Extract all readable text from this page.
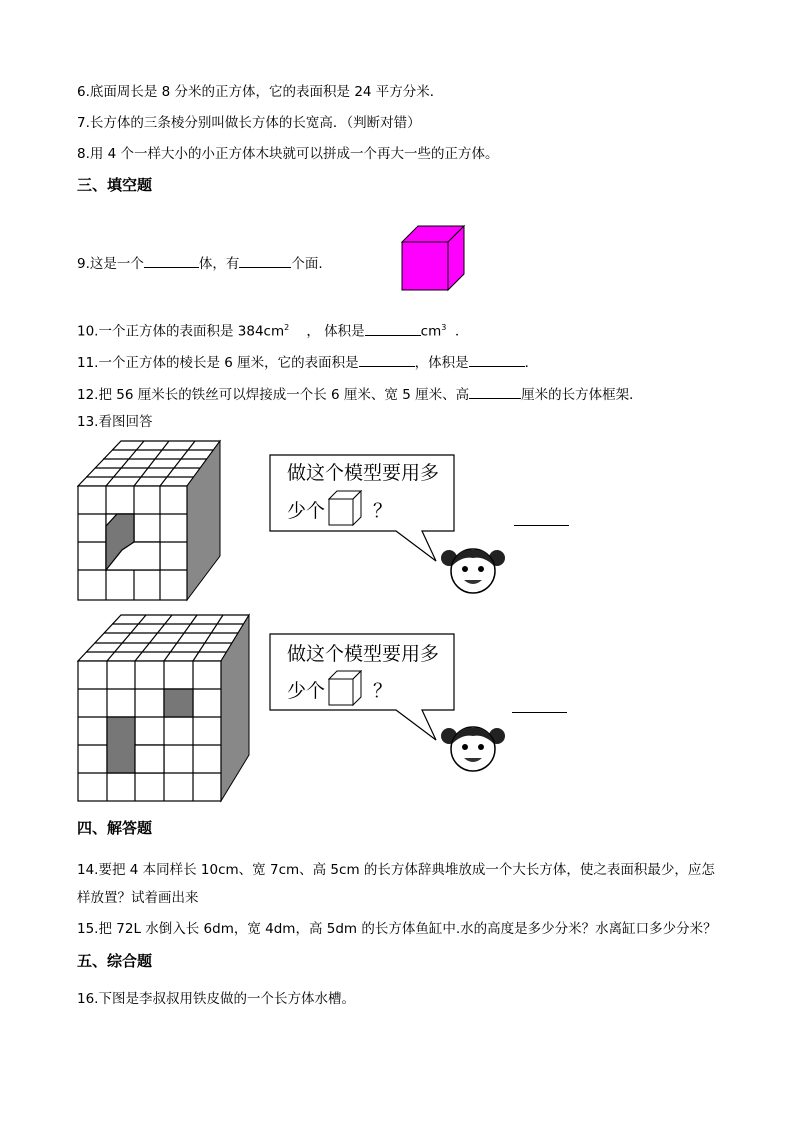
6.底面周长是 8 分米的正方体，它的表面积是 24 平方分米．
7.长方体的三条棱分别叫做长方体的长宽高．（判断对错）
8.用 4 个一样大小的小正方体木块就可以拼成一个再大一些的正方体。
三、填空题
9.这是一个	体，有	个面.
10.一个正方体的表面积是 $384cm^2$ ， 体积是	$cm^3$ ．
11.一个正方体的棱长是 6 厘米，它的表面积是	，体积是	．
12.把 56 厘米长的铁丝可以焊接成一个长 6 厘米、宽 5 厘米、高	厘米的长方体框架．
13.看图回答
做这个模型要用多
少个	？
做这个模型要用多
少个	？
四、解答题
14.要把 4 本同样长 10cm、宽 7cm、高 5cm 的长方体辞典堆放成一个大长方体，使之表面积最少，应怎样放置？试着画出来
15.把 72L 水倒入长 6dm，宽 4dm，高 5dm 的长方体鱼缸中.水的高度是多少分米？水离缸口多少分米？
五、综合题
16.下图是李叔叔用铁皮做的一个长方体水槽。
